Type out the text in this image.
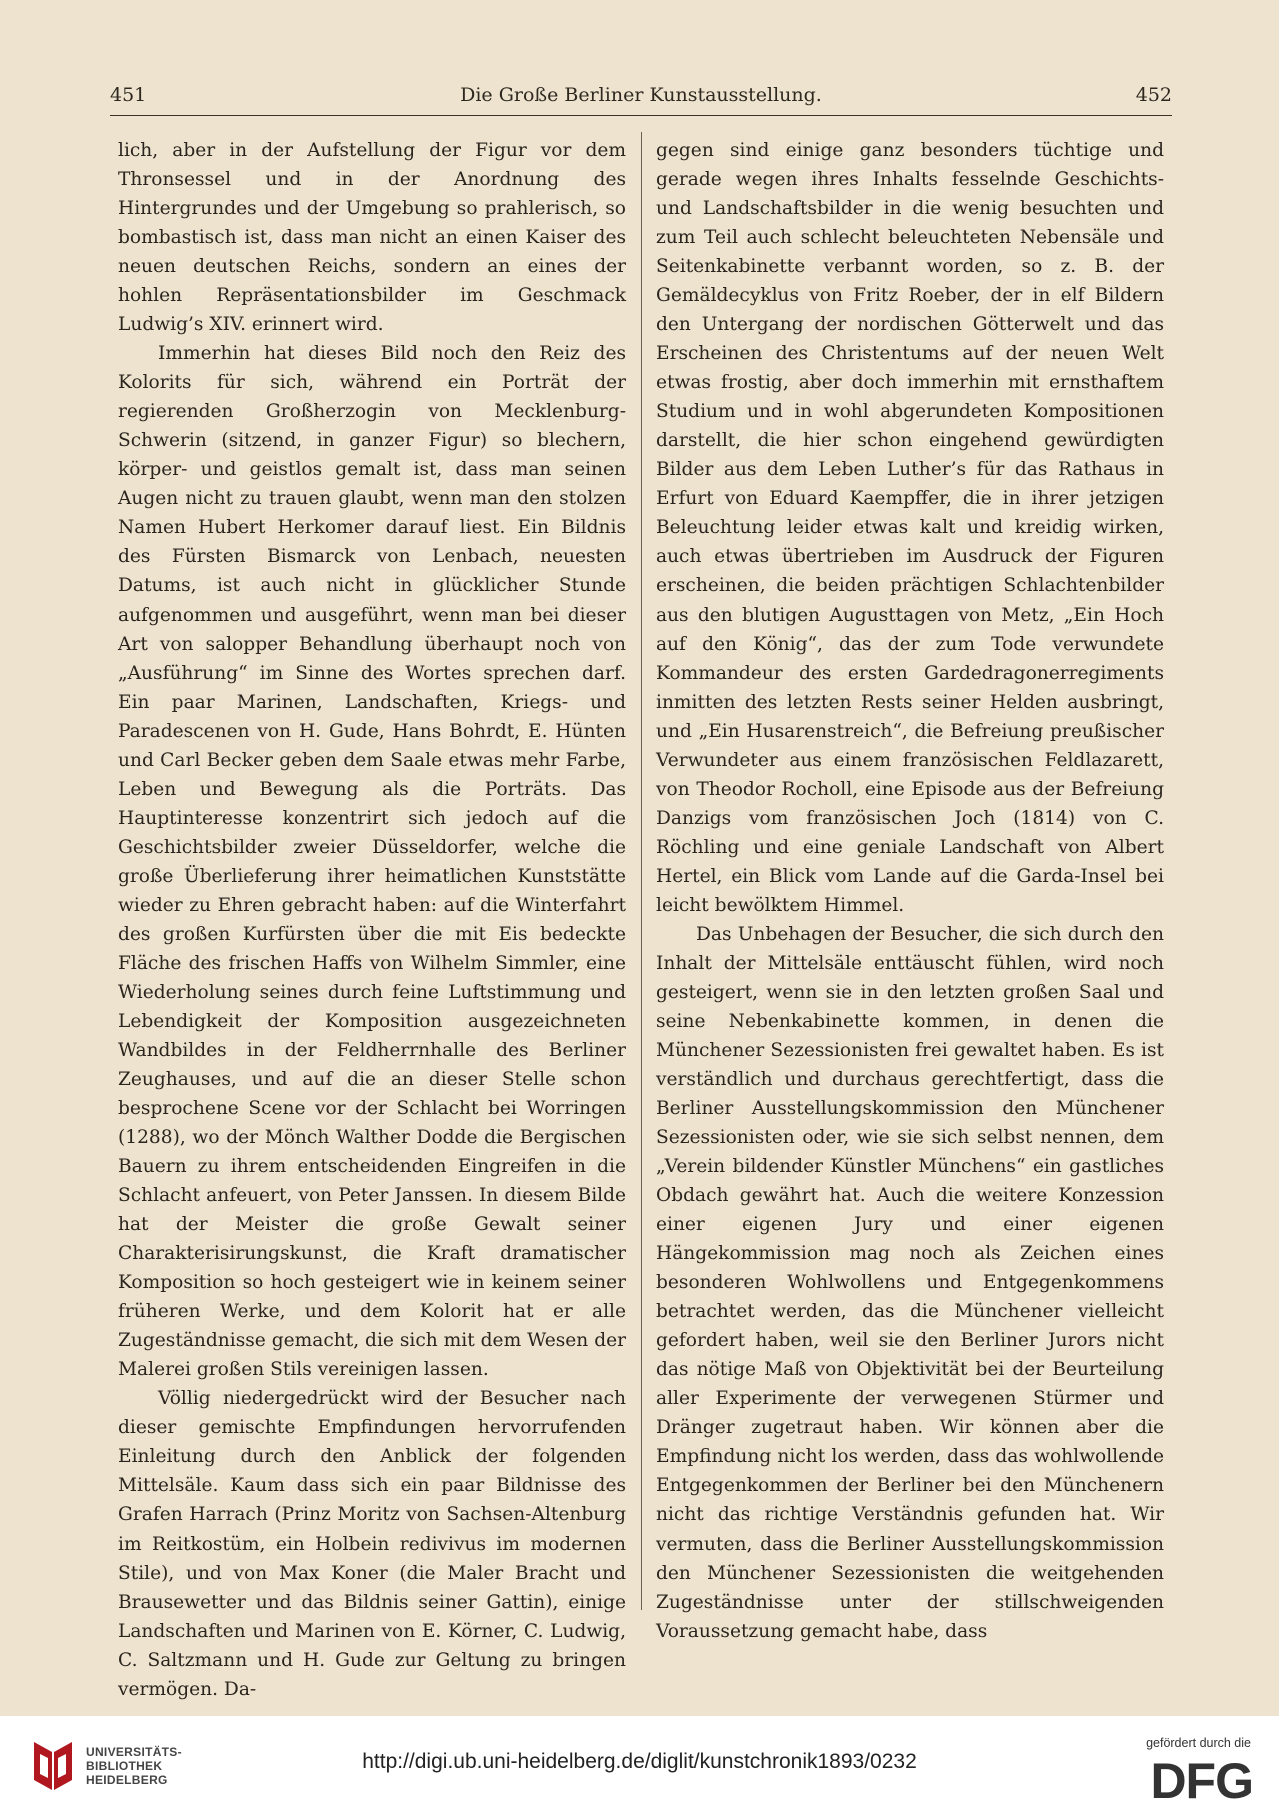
451	Die Große Berliner Kunstausstellung.	452

lich, aber in der Aufstellung der Figur vor dem Thronsessel und in der Anordnung des Hintergrundes und der Umgebung so prahlerisch, so bombastisch ist, dass man nicht an einen Kaiser des neuen deutschen Reichs, sondern an eines der hohlen Repräsentationsbilder im Geschmack Ludwig’s XIV. erinnert wird.

Immerhin hat dieses Bild noch den Reiz des Kolorits für sich, während ein Porträt der regierenden Großherzogin von Mecklenburg-Schwerin (sitzend, in ganzer Figur) so blechern, körper- und geistlos gemalt ist, dass man seinen Augen nicht zu trauen glaubt, wenn man den stolzen Namen Hubert Herkomer darauf liest. Ein Bildnis des Fürsten Bismarck von Lenbach, neuesten Datums, ist auch nicht in glücklicher Stunde aufgenommen und ausgeführt, wenn man bei dieser Art von salopper Behandlung überhaupt noch von „Ausführung“ im Sinne des Wortes sprechen darf. Ein paar Marinen, Landschaften, Kriegs- und Paradescenen von H. Gude, Hans Bohrdt, E. Hünten und Carl Becker geben dem Saale etwas mehr Farbe, Leben und Bewegung als die Porträts. Das Hauptinteresse konzentrirt sich jedoch auf die Geschichtsbilder zweier Düsseldorfer, welche die große Überlieferung ihrer heimatlichen Kunststätte wieder zu Ehren gebracht haben: auf die Winterfahrt des großen Kurfürsten über die mit Eis bedeckte Fläche des frischen Haffs von Wilhelm Simmler, eine Wiederholung seines durch feine Luftstimmung und Lebendigkeit der Komposition ausgezeichneten Wandbildes in der Feldherrnhalle des Berliner Zeughauses, und auf die an dieser Stelle schon besprochene Scene vor der Schlacht bei Worringen (1288), wo der Mönch Walther Dodde die Bergischen Bauern zu ihrem entscheidenden Eingreifen in die Schlacht anfeuert, von Peter Janssen. In diesem Bilde hat der Meister die große Gewalt seiner Charakterisirungskunst, die Kraft dramatischer Komposition so hoch gesteigert wie in keinem seiner früheren Werke, und dem Kolorit hat er alle Zugeständnisse gemacht, die sich mit dem Wesen der Malerei großen Stils vereinigen lassen.

Völlig niedergedrückt wird der Besucher nach dieser gemischte Empfindungen hervorrufenden Einleitung durch den Anblick der folgenden Mittelsäle. Kaum dass sich ein paar Bildnisse des Grafen Harrach (Prinz Moritz von Sachsen-Altenburg im Reitkostüm, ein Holbein redivivus im modernen Stile), und von Max Koner (die Maler Bracht und Brausewetter und das Bildnis seiner Gattin), einige Landschaften und Marinen von E. Körner, C. Ludwig, C. Saltzmann und H. Gude zur Geltung zu bringen vermögen. Da-

gegen sind einige ganz besonders tüchtige und gerade wegen ihres Inhalts fesselnde Geschichts- und Landschaftsbilder in die wenig besuchten und zum Teil auch schlecht beleuchteten Nebensäle und Seitenkabinette verbannt worden, so z. B. der Gemäldecyklus von Fritz Roeber, der in elf Bildern den Untergang der nordischen Götterwelt und das Erscheinen des Christentums auf der neuen Welt etwas frostig, aber doch immerhin mit ernsthaftem Studium und in wohl abgerundeten Kompositionen darstellt, die hier schon eingehend gewürdigten Bilder aus dem Leben Luther’s für das Rathaus in Erfurt von Eduard Kaempffer, die in ihrer jetzigen Beleuchtung leider etwas kalt und kreidig wirken, auch etwas übertrieben im Ausdruck der Figuren erscheinen, die beiden prächtigen Schlachtenbilder aus den blutigen Augusttagen von Metz, „Ein Hoch auf den König“, das der zum Tode verwundete Kommandeur des ersten Gardedragonerregiments inmitten des letzten Rests seiner Helden ausbringt, und „Ein Husarenstreich“, die Befreiung preußischer Verwundeter aus einem französischen Feldlazarett, von Theodor Rocholl, eine Episode aus der Befreiung Danzigs vom französischen Joch (1814) von C. Röchling und eine geniale Landschaft von Albert Hertel, ein Blick vom Lande auf die Garda-Insel bei leicht bewölktem Himmel.

Das Unbehagen der Besucher, die sich durch den Inhalt der Mittelsäle enttäuscht fühlen, wird noch gesteigert, wenn sie in den letzten großen Saal und seine Nebenkabinette kommen, in denen die Münchener Sezessionisten frei gewaltet haben. Es ist verständlich und durchaus gerechtfertigt, dass die Berliner Ausstellungskommission den Münchener Sezessionisten oder, wie sie sich selbst nennen, dem „Verein bildender Künstler Münchens“ ein gastliches Obdach gewährt hat. Auch die weitere Konzession einer eigenen Jury und einer eigenen Hängekommission mag noch als Zeichen eines besonderen Wohlwollens und Entgegenkommens betrachtet werden, das die Münchener vielleicht gefordert haben, weil sie den Berliner Jurors nicht das nötige Maß von Objektivität bei der Beurteilung aller Experimente der verwegenen Stürmer und Dränger zugetraut haben. Wir können aber die Empfindung nicht los werden, dass das wohlwollende Entgegenkommen der Berliner bei den Münchenern nicht das richtige Verständnis gefunden hat. Wir vermuten, dass die Berliner Ausstellungskommission den Münchener Sezessionisten die weitgehenden Zugeständnisse unter der stillschweigenden Voraussetzung gemacht habe, dass

UNIVERSITÄTS-
BIBLIOTHEK
HEIDELBERG
http://digi.ub.uni-heidelberg.de/diglit/kunstchronik1893/0232
gefördert durch die
DFG
